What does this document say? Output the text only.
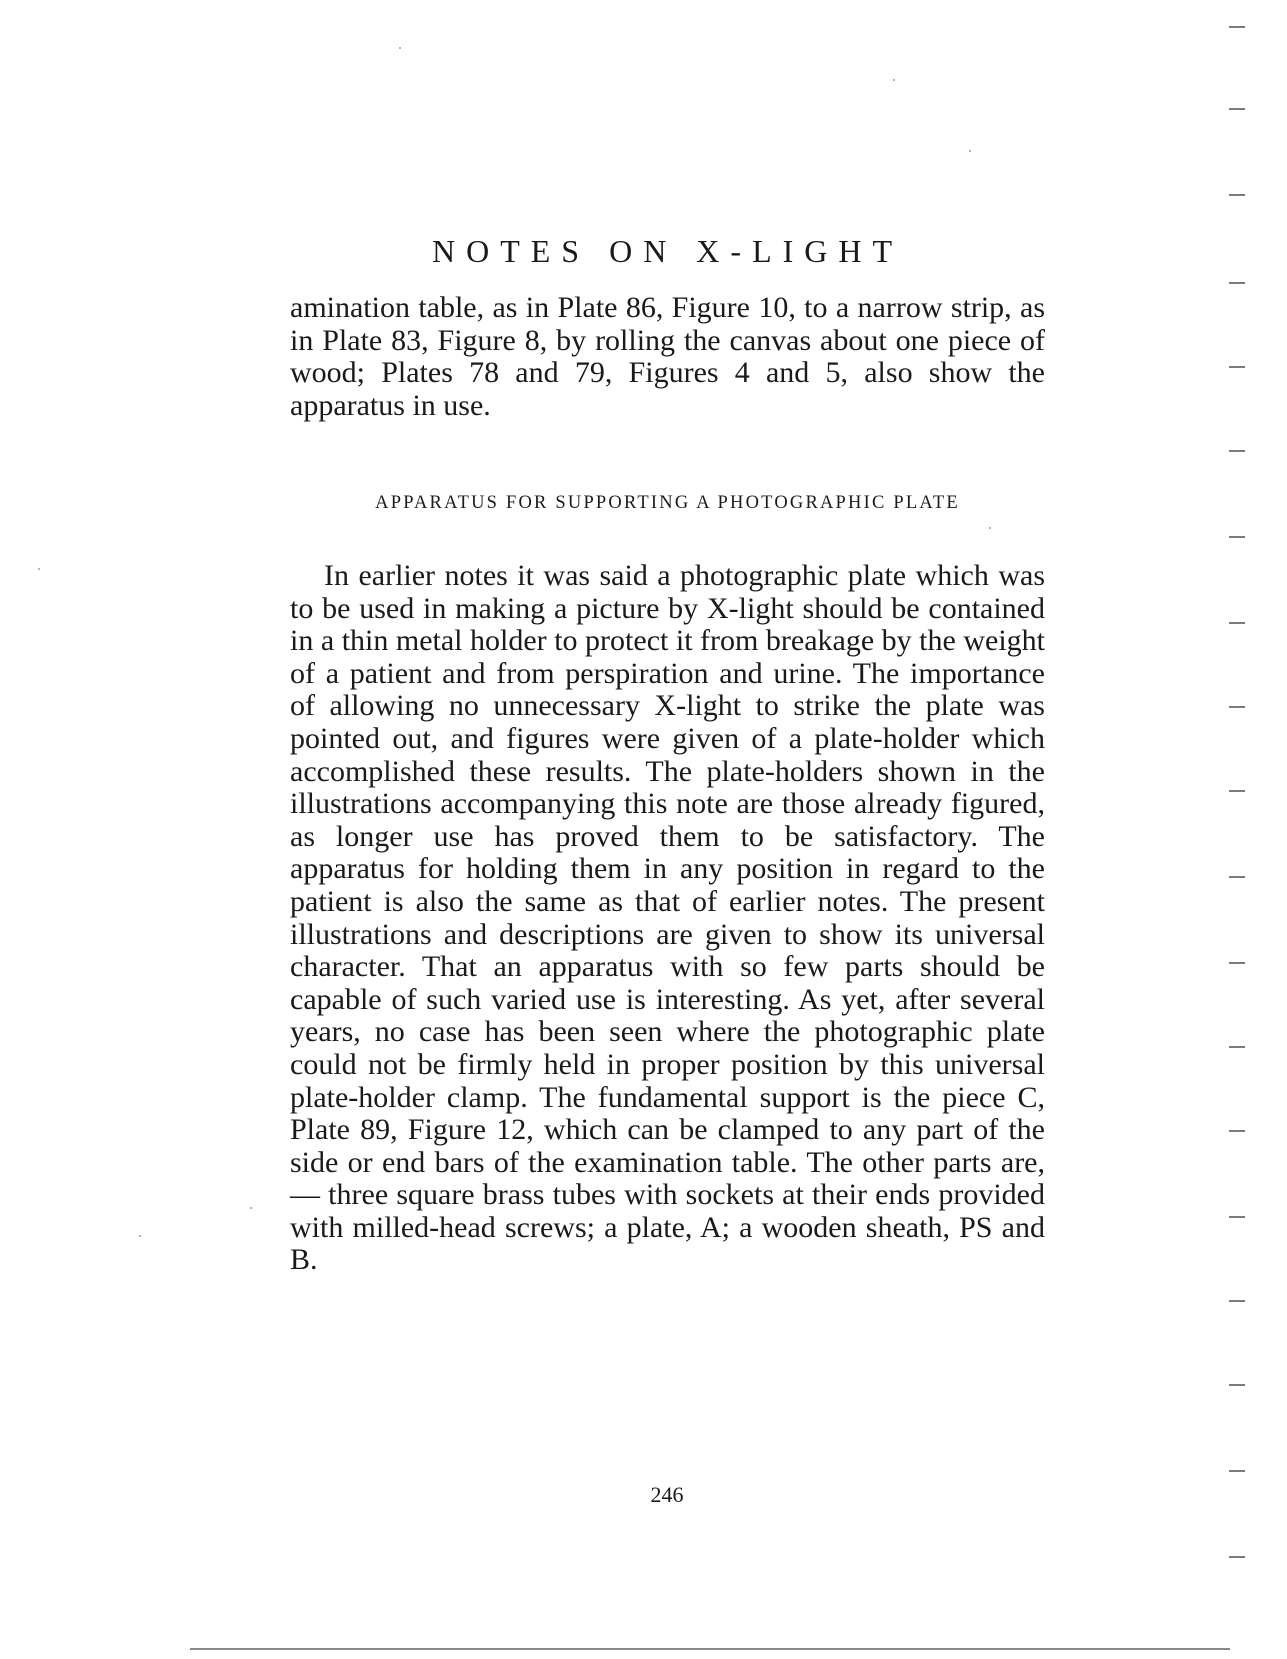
NOTES ON X-LIGHT
amination table, as in Plate 86, Figure 10, to a narrow strip, as in Plate 83, Figure 8, by rolling the canvas about one piece of wood; Plates 78 and 79, Figures 4 and 5, also show the apparatus in use.
APPARATUS FOR SUPPORTING A PHOTOGRAPHIC PLATE
In earlier notes it was said a photographic plate which was to be used in making a picture by X-light should be contained in a thin metal holder to protect it from breakage by the weight of a patient and from perspiration and urine. The importance of allowing no unnecessary X-light to strike the plate was pointed out, and figures were given of a plate-holder which accomplished these results. The plate-holders shown in the illustrations accompanying this note are those already figured, as longer use has proved them to be satisfactory. The apparatus for holding them in any position in regard to the patient is also the same as that of earlier notes. The present illustrations and descriptions are given to show its universal character. That an apparatus with so few parts should be capable of such varied use is interesting. As yet, after several years, no case has been seen where the photographic plate could not be firmly held in proper position by this universal plate-holder clamp. The fundamental support is the piece C, Plate 89, Figure 12, which can be clamped to any part of the side or end bars of the examination table. The other parts are, — three square brass tubes with sockets at their ends provided with milled-head screws; a plate, A; a wooden sheath, PS and B.
246
